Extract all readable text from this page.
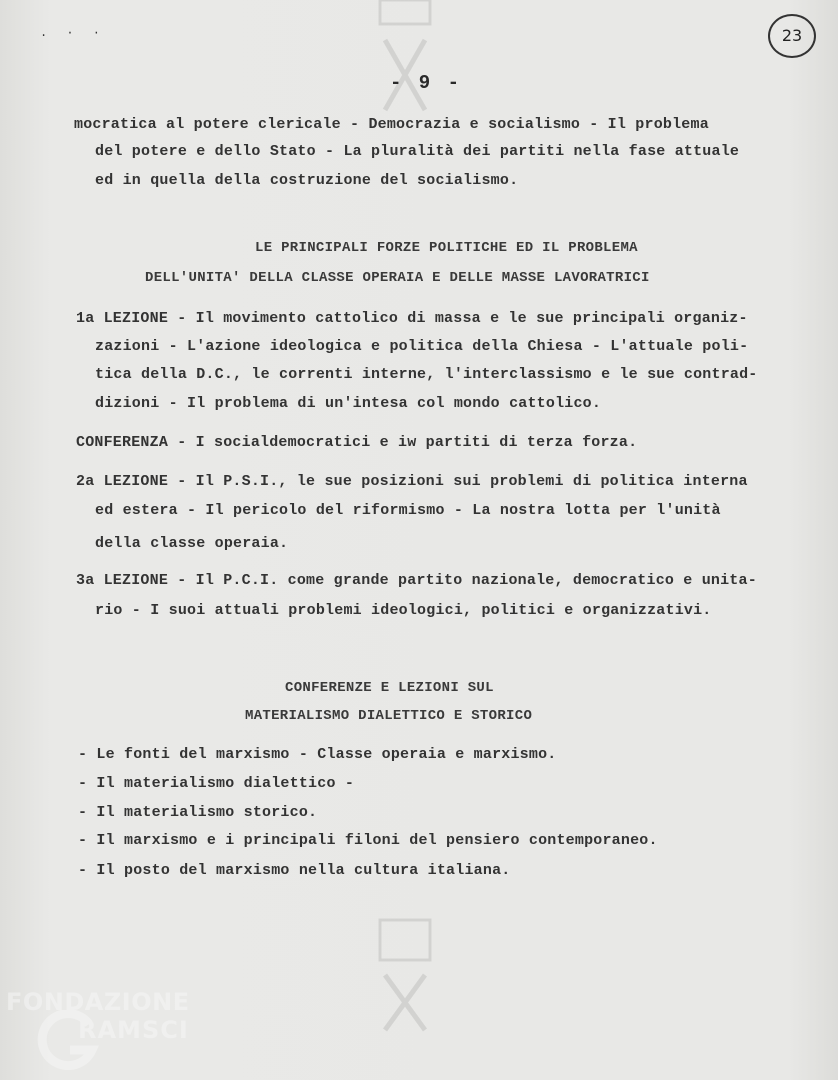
. · ·	23
- 9 -
mocratica al potere clericale - Democrazia e socialismo - Il problema
del potere e dello Stato - La pluralità dei partiti nella fase attuale
ed in quella della costruzione del socialismo.
LE PRINCIPALI FORZE POLITICHE ED IL PROBLEMA
DELL'UNITA' DELLA CLASSE OPERAIA E DELLE MASSE LAVORATRICI
1a LEZIONE - Il movimento cattolico di massa e le sue principali organiz-
zazioni - L'azione ideologica e politica della Chiesa - L'attuale poli-
tica della D.C., le correnti interne, l'interclassismo e le sue contrad-
dizioni - Il problema di un'intesa col mondo cattolico.
CONFERENZA - I socialdemocratici e iw partiti di terza forza.
2a LEZIONE - Il P.S.I., le sue posizioni sui problemi di politica interna
ed estera - Il pericolo del riformismo - La nostra lotta per l'unità
della classe operaia.
3a LEZIONE - Il P.C.I. come grande partito nazionale, democratico e unita-
rio - I suoi attuali problemi ideologici, politici e organizzativi.
CONFERENZE E LEZIONI SUL
MATERIALISMO DIALETTICO E STORICO
- Le fonti del marxismo - Classe operaia e marxismo.
- Il materialismo dialettico -
- Il materialismo storico.
- Il marxismo e i principali filoni del pensiero contemporaneo.
- Il posto del marxismo nella cultura italiana.
FONDAZIONE
RAMSCI
